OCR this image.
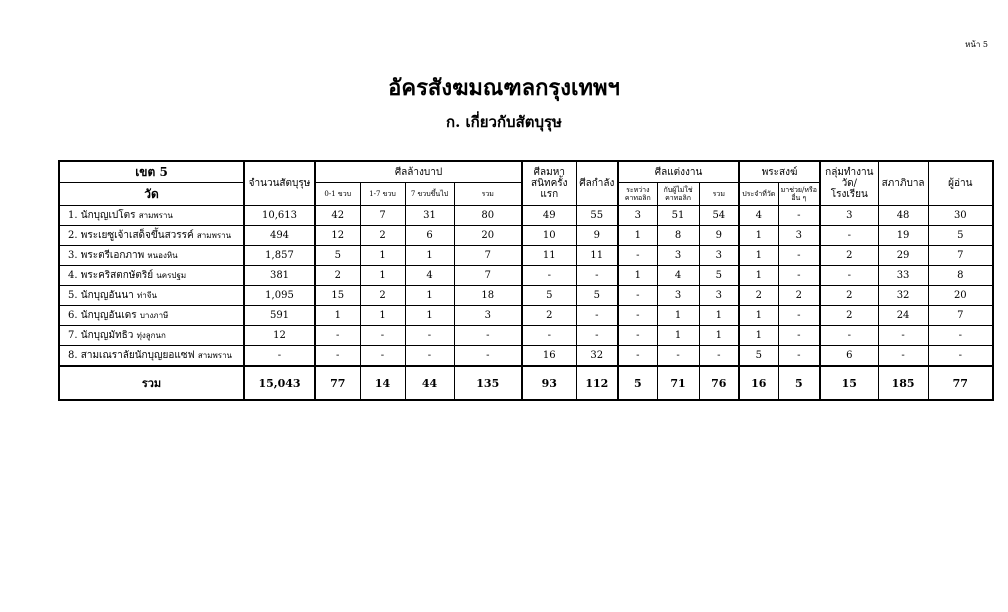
หน้า 5
อัครสังฆมณฑลกรุงเทพฯ
ก. เกี่ยวกับสัตบุรุษ
เขต 5	จำนวนสัตบุรุษ	ศีลล้างบาป				ศีลมหาสนิทครั้งแรก	ศีลกำลัง	ศีลแต่งงาน			พระสงฆ์		กลุ่มทำงาน วัด/โรงเรียน	สภาภิบาล	ผู้อ่าน
วัด		0-1 ขวบ	1-7 ขวบ	7 ขวบขึ้นไป	รวม			ระหว่างคาทอลิก	กับผู้ไม่ใช่คาทอลิก	รวม	ประจำที่วัด	มาช่วย/หรืออื่น ๆ			
1. นักบุญเปโตร สามพราน	10,613	42	7	31	80	49	55	3	51	54	4	-	3	48	30
2. พระเยซูเจ้าเสด็จขึ้นสวรรค์ สามพราน	494	12	2	6	20	10	9	1	8	9	1	3	-	19	5
3. พระตรีเอกภาพ หนองหิน	1,857	5	1	1	7	11	11	-	3	3	1	-	2	29	7
4. พระคริสตกษัตริย์ นครปฐม	381	2	1	4	7	-	-	1	4	5	1	-	-	33	8
5. นักบุญอันนา ท่าจีน	1,095	15	2	1	18	5	5	-	3	3	2	2	2	32	20
6. นักบุญอันเดร บางภาษี	591	1	1	1	3	2	-	-	1	1	1	-	2	24	7
7. นักบุญมัทธิว ทุ่งลูกนก	12	-	-	-	-	-	-	-	1	1	1	-	-	-	-
8. สามเณราลัยนักบุญยอแซฟ สามพราน	-	-	-	-	-	16	32	-	-	-	5	-	6	-	-
รวม	15,043	77	14	44	135	93	112	5	71	76	16	5	15	185	77
